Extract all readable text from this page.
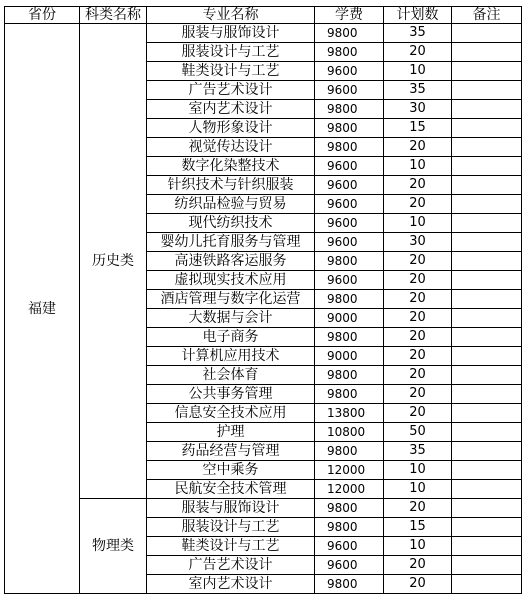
省份	科类名称	专业名称	学费	计划数	备注
福建	历史类	服装与服饰设计	9800	35	
		服装设计与工艺	9800	20	
		鞋类设计与工艺	9600	10	
		广告艺术设计	9600	35	
		室内艺术设计	9800	30	
		人物形象设计	9800	15	
		视觉传达设计	9800	20	
		数字化染整技术	9600	10	
		针织技术与针织服装	9600	20	
		纺织品检验与贸易	9600	20	
		现代纺织技术	9600	10	
		婴幼儿托育服务与管理	9600	30	
		高速铁路客运服务	9800	20	
		虚拟现实技术应用	9600	20	
		酒店管理与数字化运营	9800	20	
		大数据与会计	9000	20	
		电子商务	9800	20	
		计算机应用技术	9000	20	
		社会体育	9800	20	
		公共事务管理	9800	20	
		信息安全技术应用	13800	20	
		护理	10800	50	
		药品经营与管理	9800	35	
		空中乘务	12000	10	
		民航安全技术管理	12000	10	
	物理类	服装与服饰设计	9800	20	
		服装设计与工艺	9800	15	
		鞋类设计与工艺	9600	10	
		广告艺术设计	9600	20	
		室内艺术设计	9800	20	
